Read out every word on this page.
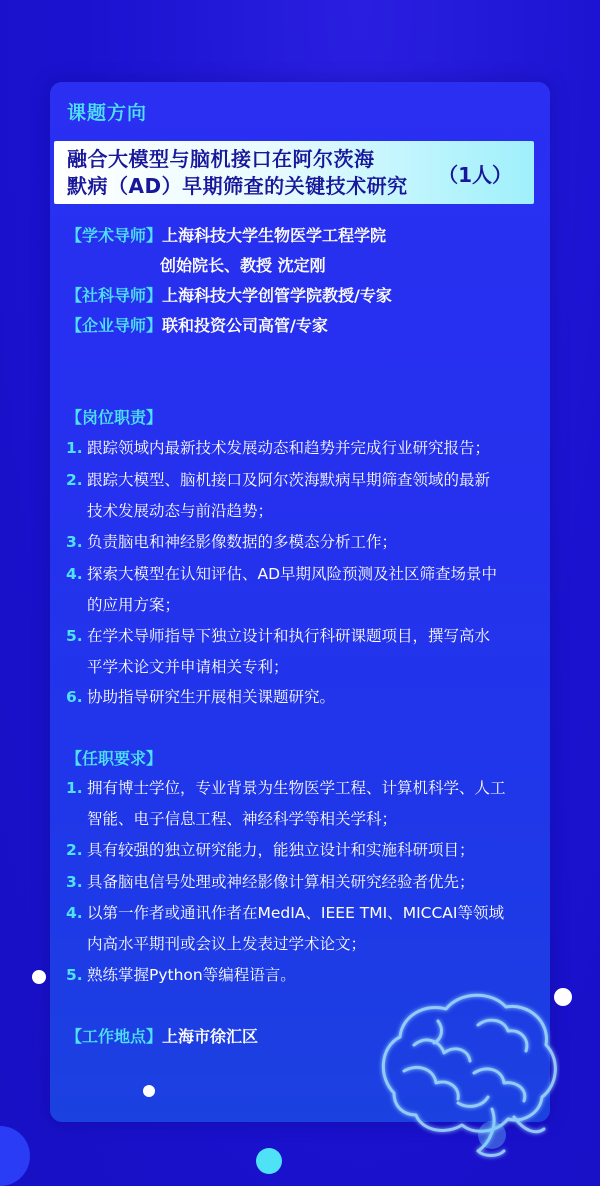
课题方向
融合大模型与脑机接口在阿尔茨海
默病（AD）早期筛查的关键技术研究 （1人）
【学术导师】上海科技大学生物医学工程学院
创始院长、教授 沈定刚
【社科导师】上海科技大学创管学院教授/专家
【企业导师】联和投资公司高管/专家
【岗位职责】
1. 跟踪领域内最新技术发展动态和趋势并完成行业研究报告；
2. 跟踪大模型、脑机接口及阿尔茨海默病早期筛查领域的最新
技术发展动态与前沿趋势；
3. 负责脑电和神经影像数据的多模态分析工作；
4. 探索大模型在认知评估、AD早期风险预测及社区筛查场景中
的应用方案；
5. 在学术导师指导下独立设计和执行科研课题项目，撰写高水
平学术论文并申请相关专利；
6. 协助指导研究生开展相关课题研究。
【任职要求】
1. 拥有博士学位，专业背景为生物医学工程、计算机科学、人工
智能、电子信息工程、神经科学等相关学科；
2. 具有较强的独立研究能力，能独立设计和实施科研项目；
3. 具备脑电信号处理或神经影像计算相关研究经验者优先；
4. 以第一作者或通讯作者在MedIA、IEEE TMI、MICCAI等领域
内高水平期刊或会议上发表过学术论文；
5. 熟练掌握Python等编程语言。
【工作地点】上海市徐汇区
